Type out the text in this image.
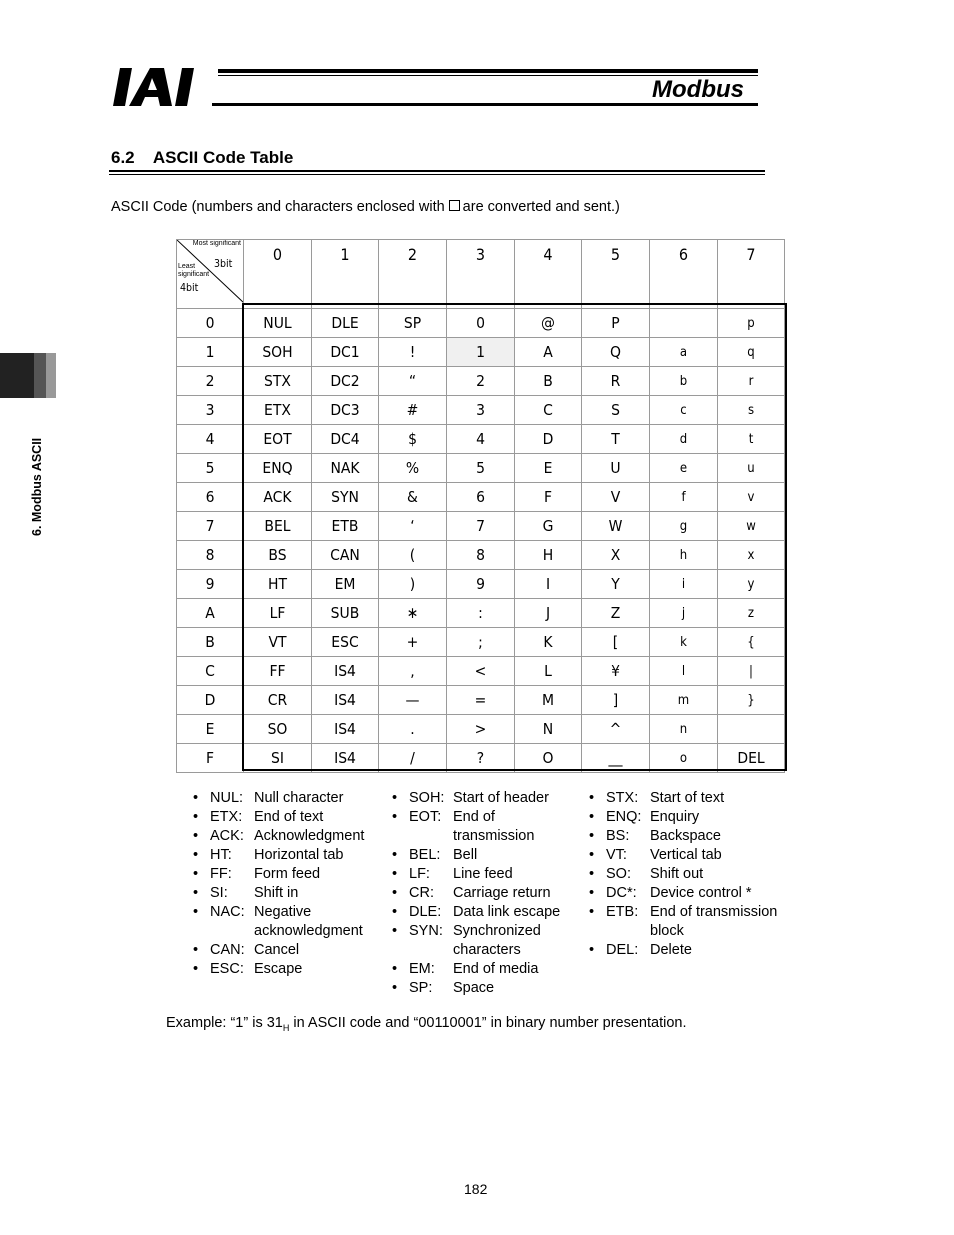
Modbus
6.2    ASCII Code Table
ASCII Code (numbers and characters enclosed with are converted and sent.)
6. Modbus ASCII
Most significant
3bit
Least significant
4bit	0	1	2	3	4	5	6	7
0	NUL	DLE	SP	0	@	P		p
1	SOH	DC1	!	1	A	Q	a	q
2	STX	DC2	“	2	B	R	b	r
3	ETX	DC3	#	3	C	S	c	s
4	EOT	DC4	$	4	D	T	d	t
5	ENQ	NAK	%	5	E	U	e	u
6	ACK	SYN	&	6	F	V	f	v
7	BEL	ETB	‘	7	G	W	g	w
8	BS	CAN	(	8	H	X	h	x
9	HT	EM	)	9	I	Y	i	y
A	LF	SUB	∗	:	J	Z	j	z
B	VT	ESC	+	;	K	[	k	{
C	FF	IS4	,	<	L	¥	l	|
D	CR	IS4	—	=	M	]	m	}
E	SO	IS4	.	>	N	^	n	
F	SI	IS4	/	?	O	__	o	DEL
• NUL: Null character
• ETX: End of text
• ACK: Acknowledgment
• HT:	Horizontal tab
• FF:	Form feed
• SI:	Shift in
• NAC: Negative acknowledgment
• CAN: Cancel
• ESC: Escape
• SOH: Start of header
• EOT: End of transmission
• BEL: Bell
• LF:	Line feed
• CR:	Carriage return
• DLE: Data link escape
• SYN: Synchronized characters
• EM:	End of media
• SP:	Space
• STX: Start of text
• ENQ: Enquiry
• BS:	Backspace
• VT:	Vertical tab
• SO:	Shift out
• DC*: Device control *
• ETB: End of transmission block
• DEL: Delete
Example: “1” is $31_H$ in ASCII code and “00110001” in binary number presentation.
182
